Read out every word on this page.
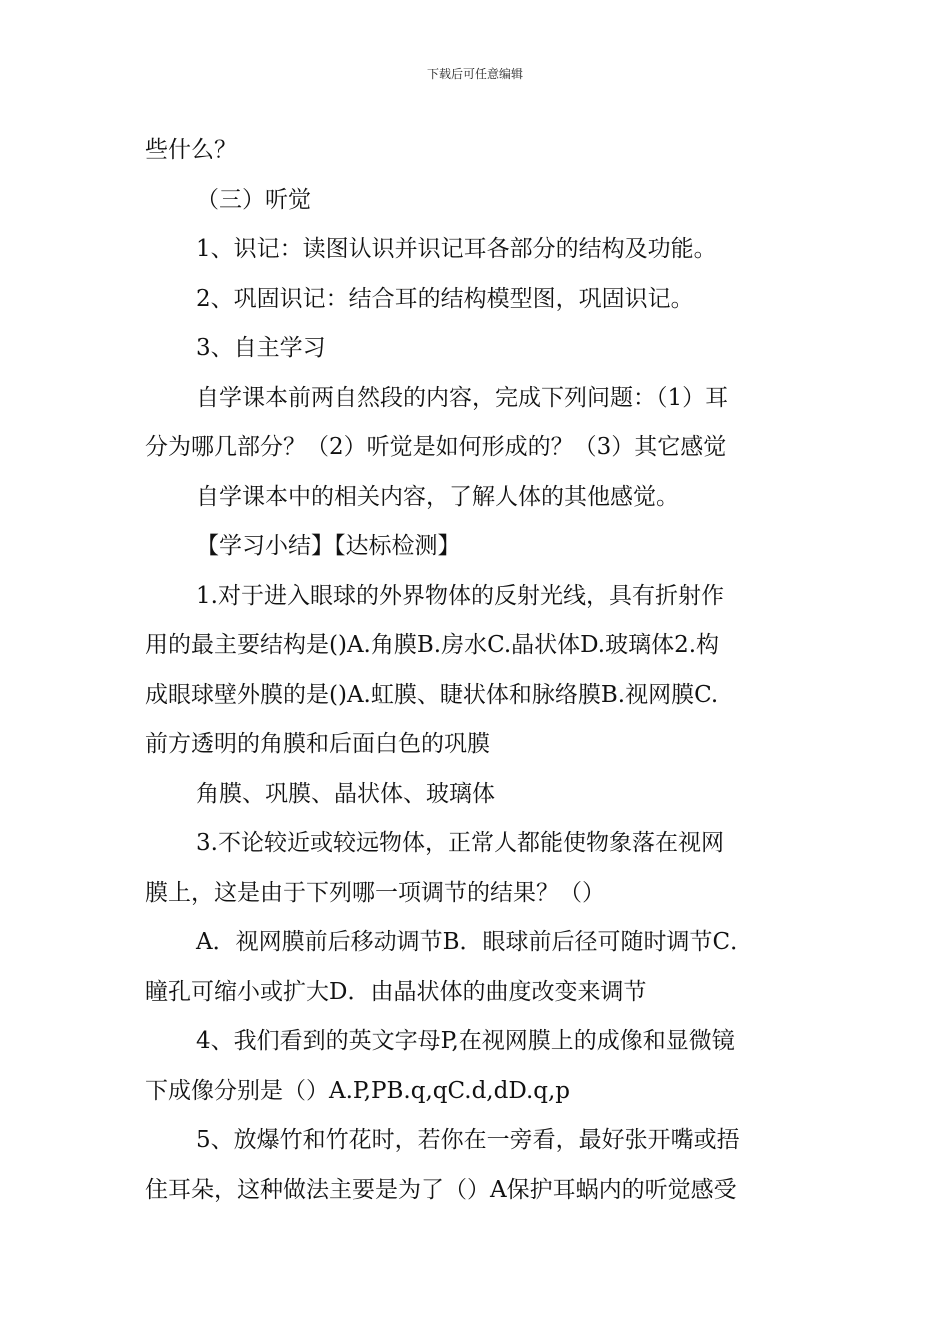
下载后可任意编辑

些什么？

（三）听觉

1、识记：读图认识并识记耳各部分的结构及功能。

2、巩固识记：结合耳的结构模型图，巩固识记。

3、自主学习

自学课本前两自然段的内容，完成下列问题：（1）耳

分为哪几部分？（2）听觉是如何形成的？（3）其它感觉

自学课本中的相关内容，了解人体的其他感觉。

【学习小结】【达标检测】

1.对于进入眼球的外界物体的反射光线，具有折射作

用的最主要结构是()A.角膜B.房水C.晶状体D.玻璃体2.构

成眼球壁外膜的是()A.虹膜、睫状体和脉络膜B.视网膜C.

前方透明的角膜和后面白色的巩膜

角膜、巩膜、晶状体、玻璃体

3.不论较近或较远物体，正常人都能使物象落在视网

膜上，这是由于下列哪一项调节的结果？（）

A．视网膜前后移动调节B．眼球前后径可随时调节C．

瞳孔可缩小或扩大D．由晶状体的曲度改变来调节

4、我们看到的英文字母P,在视网膜上的成像和显微镜

下成像分别是（）A.P,PB.q,qC.d,dD.q,p

5、放爆竹和竹花时，若你在一旁看，最好张开嘴或捂

住耳朵，这种做法主要是为了（）A保护耳蜗内的听觉感受
